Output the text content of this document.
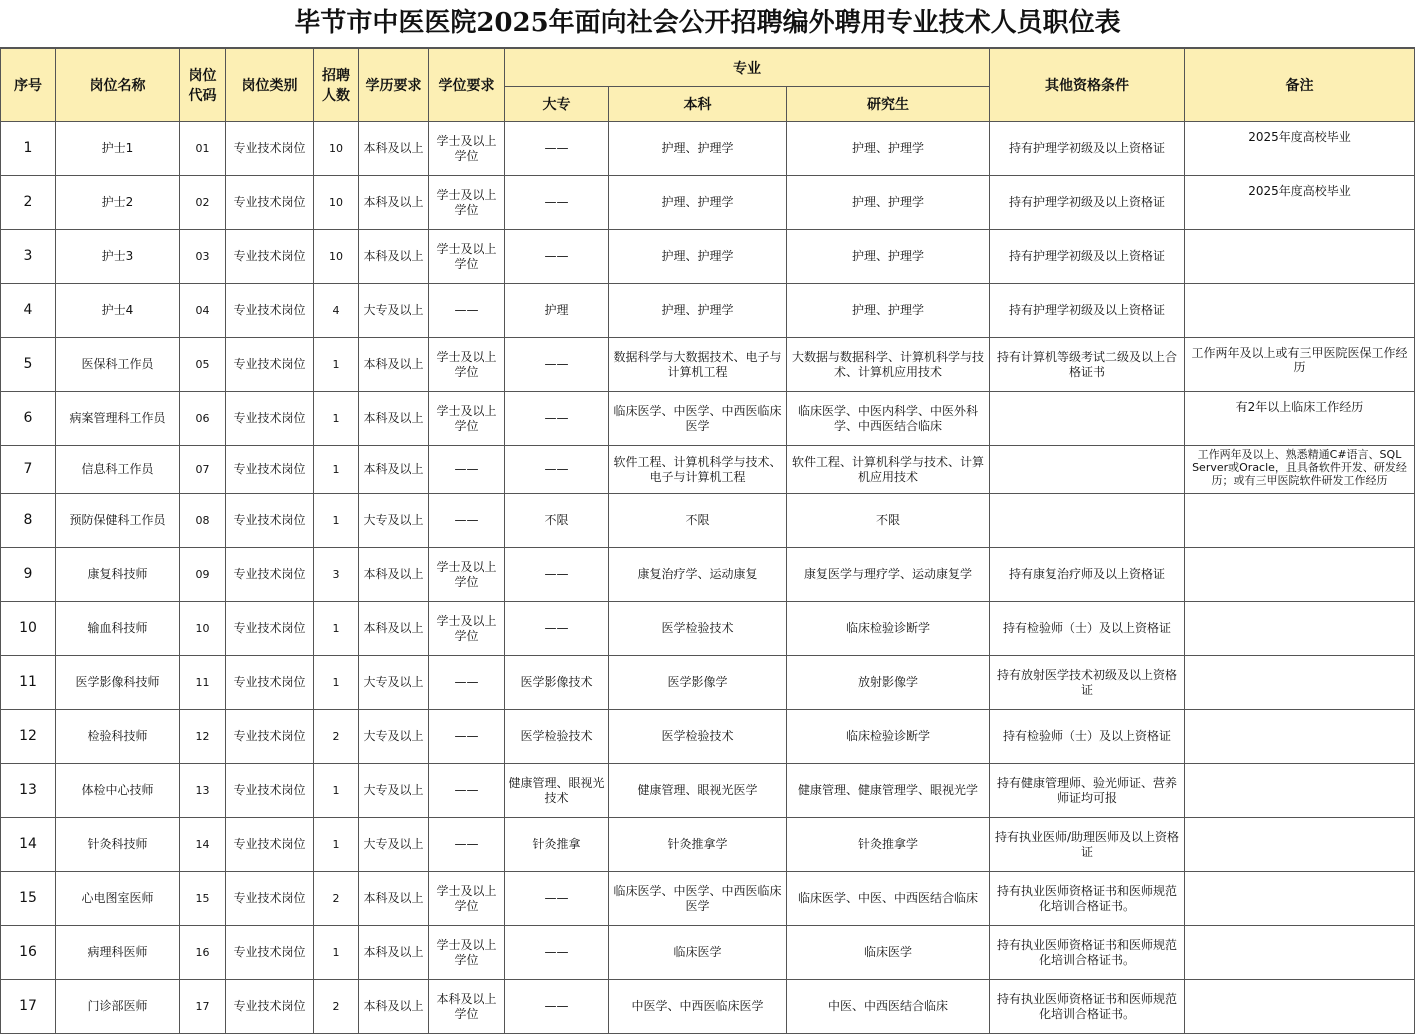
毕节市中医医院2025年面向社会公开招聘编外聘用专业技术人员职位表
序号	岗位名称	岗位代码	岗位类别	招聘人数	学历要求	学位要求	专业			其他资格条件	备注
							大专	本科	研究生		
1	护士1	01	专业技术岗位	10	本科及以上	学士及以上学位	——	护理、护理学	护理、护理学	持有护理学初级及以上资格证	2025年度高校毕业
2	护士2	02	专业技术岗位	10	本科及以上	学士及以上学位	——	护理、护理学	护理、护理学	持有护理学初级及以上资格证	2025年度高校毕业
3	护士3	03	专业技术岗位	10	本科及以上	学士及以上学位	——	护理、护理学	护理、护理学	持有护理学初级及以上资格证	
4	护士4	04	专业技术岗位	4	大专及以上	——	护理	护理、护理学	护理、护理学	持有护理学初级及以上资格证	
5	医保科工作员	05	专业技术岗位	1	本科及以上	学士及以上学位	——	数据科学与大数据技术、电子与计算机工程	大数据与数据科学、计算机科学与技术、计算机应用技术	持有计算机等级考试二级及以上合格证书	工作两年及以上或有三甲医院医保工作经历
6	病案管理科工作员	06	专业技术岗位	1	本科及以上	学士及以上学位	——	临床医学、中医学、中西医临床医学	临床医学、中医内科学、中医外科学、中西医结合临床		有2年以上临床工作经历
7	信息科工作员	07	专业技术岗位	1	本科及以上	——	——	软件工程、计算机科学与技术、电子与计算机工程	软件工程、计算机科学与技术、计算机应用技术		工作两年及以上、熟悉精通C#语言、SQL Server或Oracle，且具备软件开发、研发经历；或有三甲医院软件研发工作经历
8	预防保健科工作员	08	专业技术岗位	1	大专及以上	——	不限	不限	不限		
9	康复科技师	09	专业技术岗位	3	本科及以上	学士及以上学位	——	康复治疗学、运动康复	康复医学与理疗学、运动康复学	持有康复治疗师及以上资格证	
10	输血科技师	10	专业技术岗位	1	本科及以上	学士及以上学位	——	医学检验技术	临床检验诊断学	持有检验师（士）及以上资格证	
11	医学影像科技师	11	专业技术岗位	1	大专及以上	——	医学影像技术	医学影像学	放射影像学	持有放射医学技术初级及以上资格证	
12	检验科技师	12	专业技术岗位	2	大专及以上	——	医学检验技术	医学检验技术	临床检验诊断学	持有检验师（士）及以上资格证	
13	体检中心技师	13	专业技术岗位	1	大专及以上	——	健康管理、眼视光技术	健康管理、眼视光医学	健康管理、健康管理学、眼视光学	持有健康管理师、验光师证、营养师证均可报	
14	针灸科技师	14	专业技术岗位	1	大专及以上	——	针灸推拿	针灸推拿学	针灸推拿学	持有执业医师/助理医师及以上资格证	
15	心电图室医师	15	专业技术岗位	2	本科及以上	学士及以上学位	——	临床医学、中医学、中西医临床医学	临床医学、中医、中西医结合临床	持有执业医师资格证书和医师规范化培训合格证书。	
16	病理科医师	16	专业技术岗位	1	本科及以上	学士及以上学位	——	临床医学	临床医学	持有执业医师资格证书和医师规范化培训合格证书。	
17	门诊部医师	17	专业技术岗位	2	本科及以上	本科及以上学位	——	中医学、中西医临床医学	中医、中西医结合临床	持有执业医师资格证书和医师规范化培训合格证书。	
